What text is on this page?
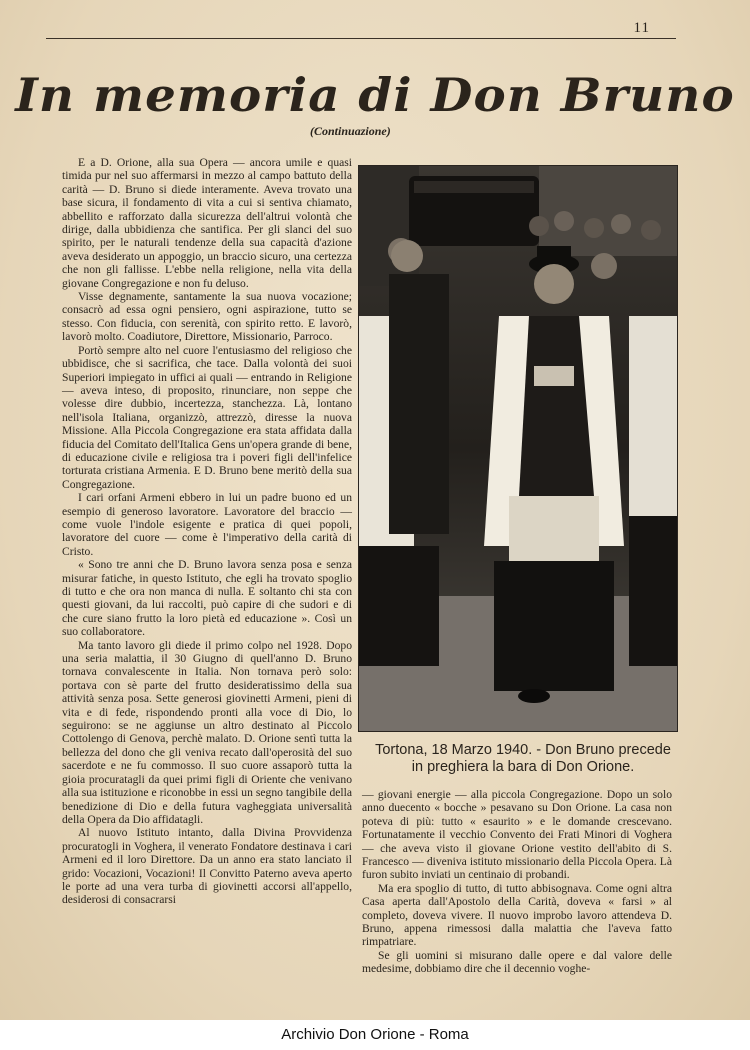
11
In memoria di Don Bruno
(Continuazione)

E a D. Orione, alla sua Opera — ancora umile e quasi timida pur nel suo affermarsi in mezzo al campo battuto della carità — D. Bruno si diede interamente. Aveva trovato una base sicura, il fondamento di vita a cui si sentiva chiamato, abbellito e rafforzato dalla sicurezza dell'altrui volontà che dirige, dalla ubbidienza che santifica. Per gli slanci del suo spirito, per le naturali tendenze della sua capacità d'azione aveva desiderato un appoggio, un braccio sicuro, una certezza che non gli fallisse. L'ebbe nella religione, nella vita della giovane Congregazione e non fu deluso.

Visse degnamente, santamente la sua nuova vocazione; consacrò ad essa ogni pensiero, ogni aspirazione, tutto se stesso. Con fiducia, con serenità, con spirito retto. E lavorò, lavorò molto. Coadiutore, Direttore, Missionario, Parroco.

Portò sempre alto nel cuore l'entusiasmo del religioso che ubbidisce, che si sacrifica, che tace. Dalla volontà dei suoi Superiori impiegato in uffici ai quali — entrando in Religione — aveva inteso, di proposito, rinunciare, non seppe che volesse dire dubbio, incertezza, stanchezza. Là, lontano nell'isola Italiana, organizzò, attrezzò, diresse la nuova Missione. Alla Piccola Congregazione era stata affidata dalla fiducia del Comitato dell'Italica Gens un'opera grande di bene, di educazione civile e religiosa tra i poveri figli dell'infelice torturata cristiana Armenia. E D. Bruno bene meritò della sua Congregazione.

I cari orfani Armeni ebbero in lui un padre buono ed un esempio di generoso lavoratore. Lavoratore del braccio — come vuole l'indole esigente e pratica di quei popoli, lavoratore del cuore — come è l'imperativo della carità di Cristo.

« Sono tre anni che D. Bruno lavora senza posa e senza misurar fatiche, in questo Istituto, che egli ha trovato spoglio di tutto e che ora non manca di nulla. E soltanto chi sta con questi giovani, da lui raccolti, può capire di che sudori e di che cure siano frutto la loro pietà ed educazione ». Così un suo collaboratore.

Ma tanto lavoro gli diede il primo colpo nel 1928. Dopo una seria malattia, il 30 Giugno di quell'anno D. Bruno tornava convalescente in Italia. Non tornava però solo: portava con sè parte del frutto desideratissimo della sua attività senza posa. Sette generosi giovinetti Armeni, pieni di vita e di fede, rispondendo pronti alla voce di Dio, lo seguirono: se ne aggiunse un altro destinato al Piccolo Cottolengo di Genova, perchè malato. D. Orione sentì tutta la bellezza del dono che gli veniva recato dall'operosità del suo sacerdote e ne fu commosso. Il suo cuore assaporò tutta la gioia procuratagli da quei primi figli di Oriente che venivano alla sua istituzione e riconobbe in essi un segno tangibile della benedizione di Dio e della futura vagheggiata universalità della Opera da Dio affidatagli.

Al nuovo Istituto intanto, dalla Divina Provvidenza procuratogli in Voghera, il venerato Fondatore destinava i cari Armeni ed il loro Direttore. Da un anno era stato lanciato il grido: Vocazioni, Vocazioni! Il Convitto Paterno aveva aperto le porte ad una vera turba di giovinetti accorsi all'appello, desiderosi di consacrarsi

Tortona, 18 Marzo 1940. - Don Bruno precede
in preghiera la bara di Don Orione.

— giovani energie — alla piccola Congregazione. Dopo un solo anno duecento « bocche » pesavano su Don Orione. La casa non poteva di più: tutto « esaurito » e le domande crescevano. Fortunatamente il vecchio Convento dei Frati Minori di Voghera — che aveva visto il giovane Orione vestito dell'abito di S. Francesco — diveniva istituto missionario della Piccola Opera. Là furon subito inviati un centinaio di probandi.

Ma era spoglio di tutto, di tutto abbisognava. Come ogni altra Casa aperta dall'Apostolo della Carità, doveva « farsi » al completo, doveva vivere. Il nuovo improbo lavoro attendeva D. Bruno, appena rimessosi dalla malattia che l'aveva fatto rimpatriare.

Se gli uomini si misurano dalle opere e dal valore delle medesime, dobbiamo dire che il decennio voghe-

Archivio Don Orione - Roma
